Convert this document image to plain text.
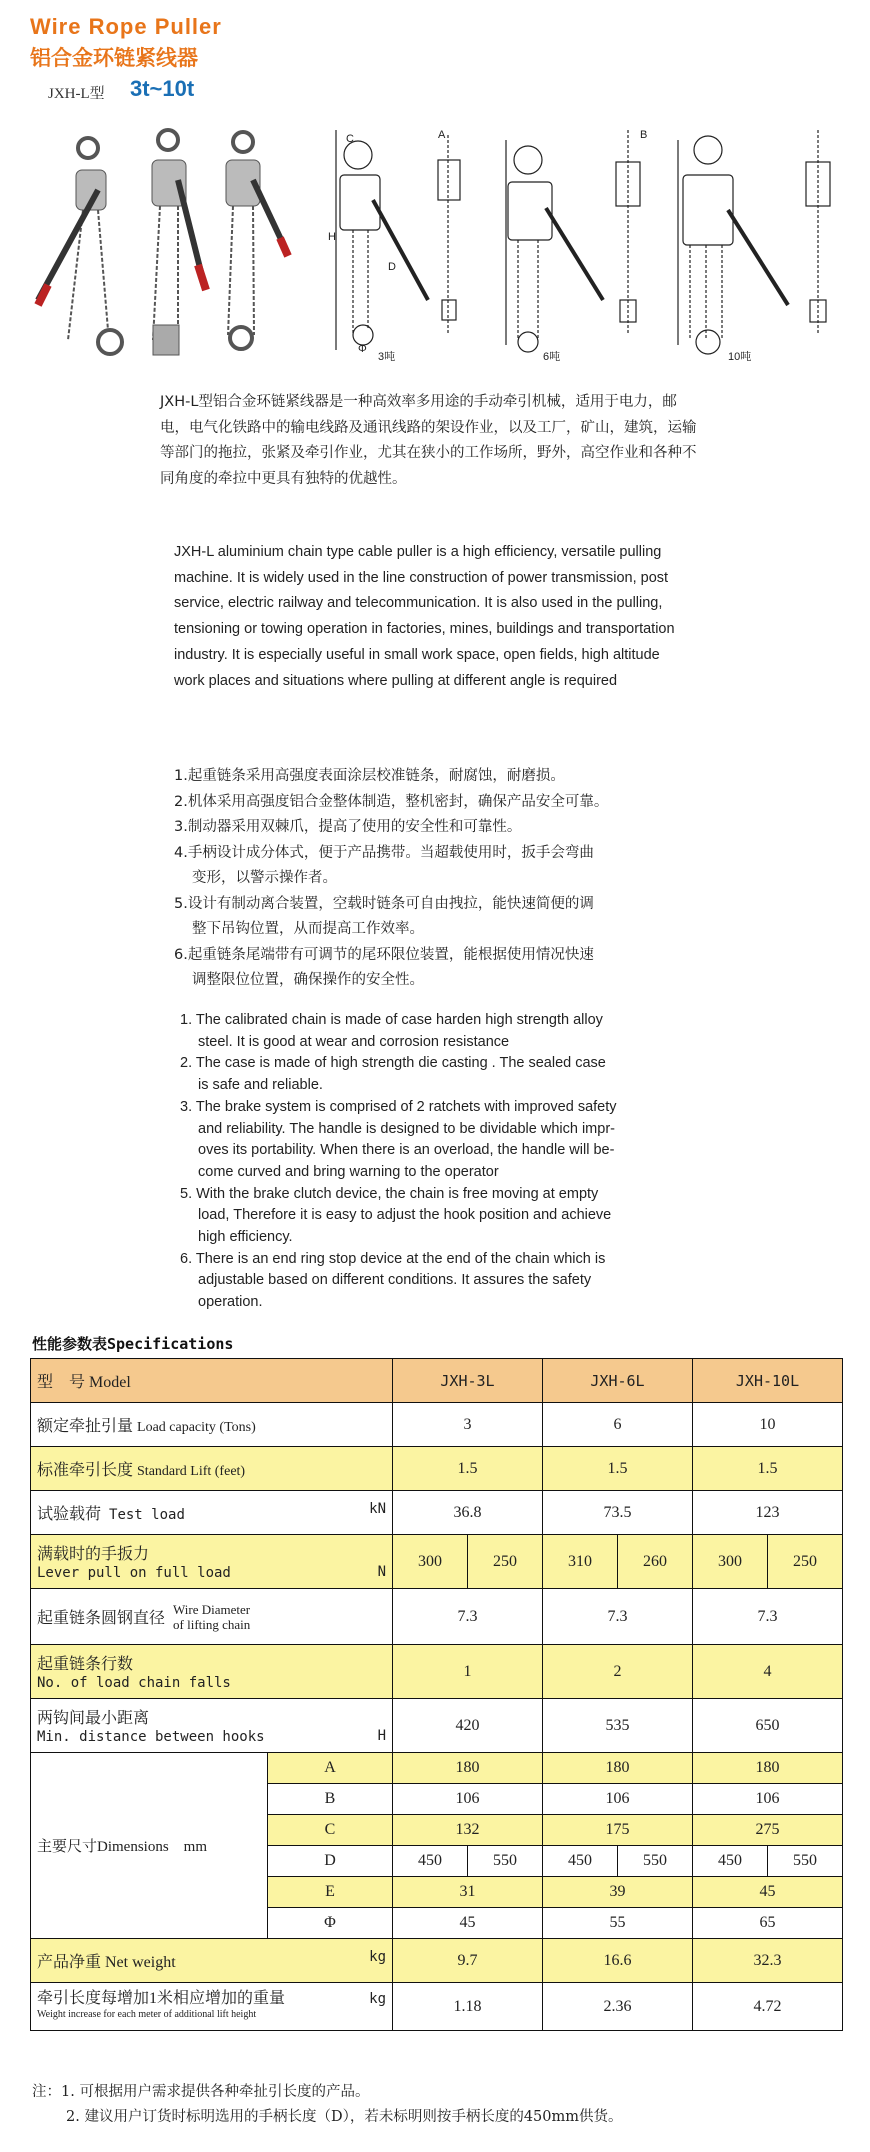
Wire Rope Puller
铝合金环链紧线器
JXH-L型 3t~10t
3吨	6吨	10吨
C	A
H
D
B
Φ
JXH-L型铝合金环链紧线器是一种高效率多用途的手动牵引机械，适用于电力，邮电，电气化铁路中的输电线路及通讯线路的架设作业，以及工厂，矿山，建筑，运输等部门的拖拉，张紧及牵引作业，尤其在狭小的工作场所，野外，高空作业和各种不同角度的牵拉中更具有独特的优越性。
JXH-L aluminium chain type cable puller is a high efficiency, versatile pulling machine. It is widely used in the line construction of power transmission, post service, electric railway and telecommunication. It is also used in the pulling, tensioning or towing operation in factories, mines, buildings and transportation industry. It is especially useful in small work space, open fields, high altitude work places and situations where pulling at different angle is required
1.起重链条采用高强度表面涂层校准链条，耐腐蚀，耐磨损。
2.机体采用高强度铝合金整体制造，整机密封，确保产品安全可靠。
3.制动器采用双棘爪，提高了使用的安全性和可靠性。
4.手柄设计成分体式，便于产品携带。当超载使用时，扳手会弯曲
变形，以警示操作者。
5.设计有制动离合装置，空载时链条可自由拽拉，能快速简便的调
整下吊钩位置，从而提高工作效率。
6.起重链条尾端带有可调节的尾环限位装置，能根据使用情况快速
调整限位位置，确保操作的安全性。
1. The calibrated chain is made of case harden high strength alloy
steel. It is good at wear and corrosion resistance
2. The case is made of high strength die casting . The sealed case
is safe and reliable.
3. The brake system is comprised of 2 ratchets with improved safety
and reliability. The handle is designed to be dividable which impr-
oves its portability. When there is an overload, the handle will be-
come curved and bring warning to the operator
5. With the brake clutch device, the chain is free moving at empty
load, Therefore it is easy to adjust the hook position and achieve
high efficiency.
6. There is an end ring stop device at the end of the chain which is
adjustable based on different conditions. It assures the safety
operation.
性能参数表Specifications
型　号 Model		JXH-3L		JXH-6L		JXH-10L	
额定牵扯引量 Load capacity (Tons)		3		6		10	
标准牵引长度 Standard Lift (feet)		1.5		1.5		1.5	
试验载荷 Test load kN		36.8		73.5		123	

满载时的手扳力
Lever pull on full load N		300	250	310	260	300	250
起重链条圆钢直径
Wire Diameter
of lifting chain		7.3		7.3		7.3	

起重链条行数
No. of load chain falls		1		2		4	

两钩间最小距离
Min. distance between hooks H		420		535		650	
主要尺寸Dimensions　mm	A	180		180		180	
	B	106		106		106	
	C	132		175		275	
	D	450	550	450	550	450	550
	E	31		39		45	
	Φ	45		55		65	
产品净重 Net weight kg		9.7		16.6		32.3	
牵引长度每增加1米相应增加的重量 kg
Weight increase for each meter of additional lift height		1.18		2.36		4.72	
注：1. 可根据用户需求提供各种牵扯引长度的产品。
2. 建议用户订货时标明选用的手柄长度（D），若未标明则按手柄长度的450mm供货。
